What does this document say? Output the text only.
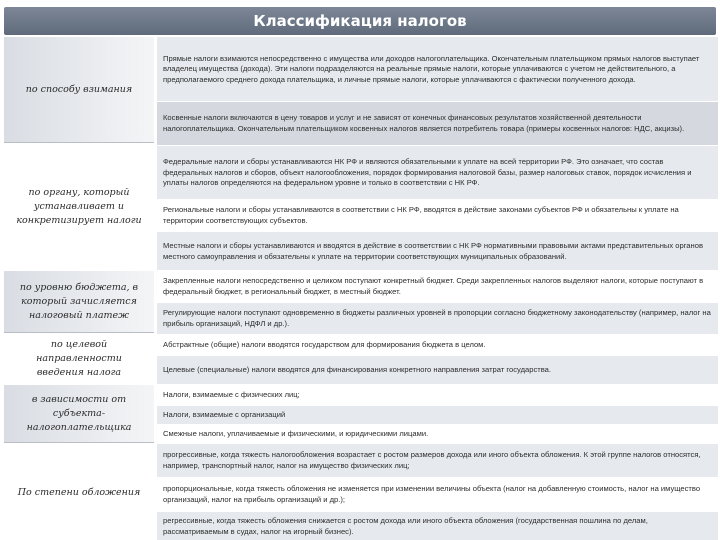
Классификация налогов
по способу взимания
по органу, который устанавливает и конкретизирует налоги
по уровню бюджета, в который зачисляется налоговый платеж
по целевой направленности введения налога
в зависимости от субъекта-налогоплательщика
По степени обложения
Прямые налоги взимаются непосредственно с имущества или доходов налогоплательщика. Окончательным плательщиком прямых налогов выступает владелец имущества (дохода). Эти налоги подразделяются на реальные прямые налоги, которые уплачиваются с учетом не действительного, а предполагаемого среднего дохода плательщика, и личные прямые налоги, которые уплачиваются с фактически полученного дохода.
Косвенные налоги включаются в цену товаров и услуг и не зависят от конечных финансовых результатов хозяйственной деятельности налогоплательщика. Окончательным плательщиком косвенных налогов является потребитель товара (примеры косвенных налогов: НДС, акцизы).
Федеральные налоги и сборы устанавливаются НК РФ и являются обязательными к уплате на всей территории РФ. Это означает, что состав федеральных налогов и сборов, объект налогообложения, порядок формирования налоговой базы, размер налоговых ставок, порядок исчисления и уплаты налогов определяются на федеральном уровне и только в соответствии с НК РФ.
Региональные налоги и сборы устанавливаются в соответствии с НК РФ, вводятся в действие законами субъектов РФ и обязательны к уплате на территории соответствующих субъектов.
Местные налоги и сборы устанавливаются и вводятся в действие в соответствии с НК РФ нормативными правовыми актами представительных органов местного самоуправления и обязательны к уплате на территории соответствующих муниципальных образований.
Закрепленные налоги непосредственно и целиком поступают конкретный бюджет. Среди закрепленных налогов выделяют налоги, которые поступают в федеральный бюджет, в региональный бюджет, в местный бюджет.
Регулирующие налоги поступают одновременно в бюджеты различных уровней в пропорции согласно бюджетному законодательству (например, налог на прибыль организаций, НДФЛ и др.).
Абстрактные (общие) налоги вводятся государством для формирования бюджета в целом.
Целевые (специальные) налоги вводятся для финансирования конкретного направления затрат государства.
Налоги, взимаемые с физических лиц;
Налоги, взимаемые с организаций
Смежные налоги, уплачиваемые и физическими, и юридическими лицами.
прогрессивные, когда тяжесть налогообложения возрастает с ростом размеров дохода или иного объекта обложения. К этой группе налогов относятся, например, транспортный налог, налог на имущество физических лиц;
пропорциональные, когда тяжесть обложения не изменяется при изменении величины объекта (налог на добавленную стоимость, налог на имущество организаций, налог на прибыль организаций и др.);
регрессивные, когда тяжесть обложения снижается с ростом дохода или иного объекта обложения (государственная пошлина по делам, рассматриваемым в судах, налог на игорный бизнес).
